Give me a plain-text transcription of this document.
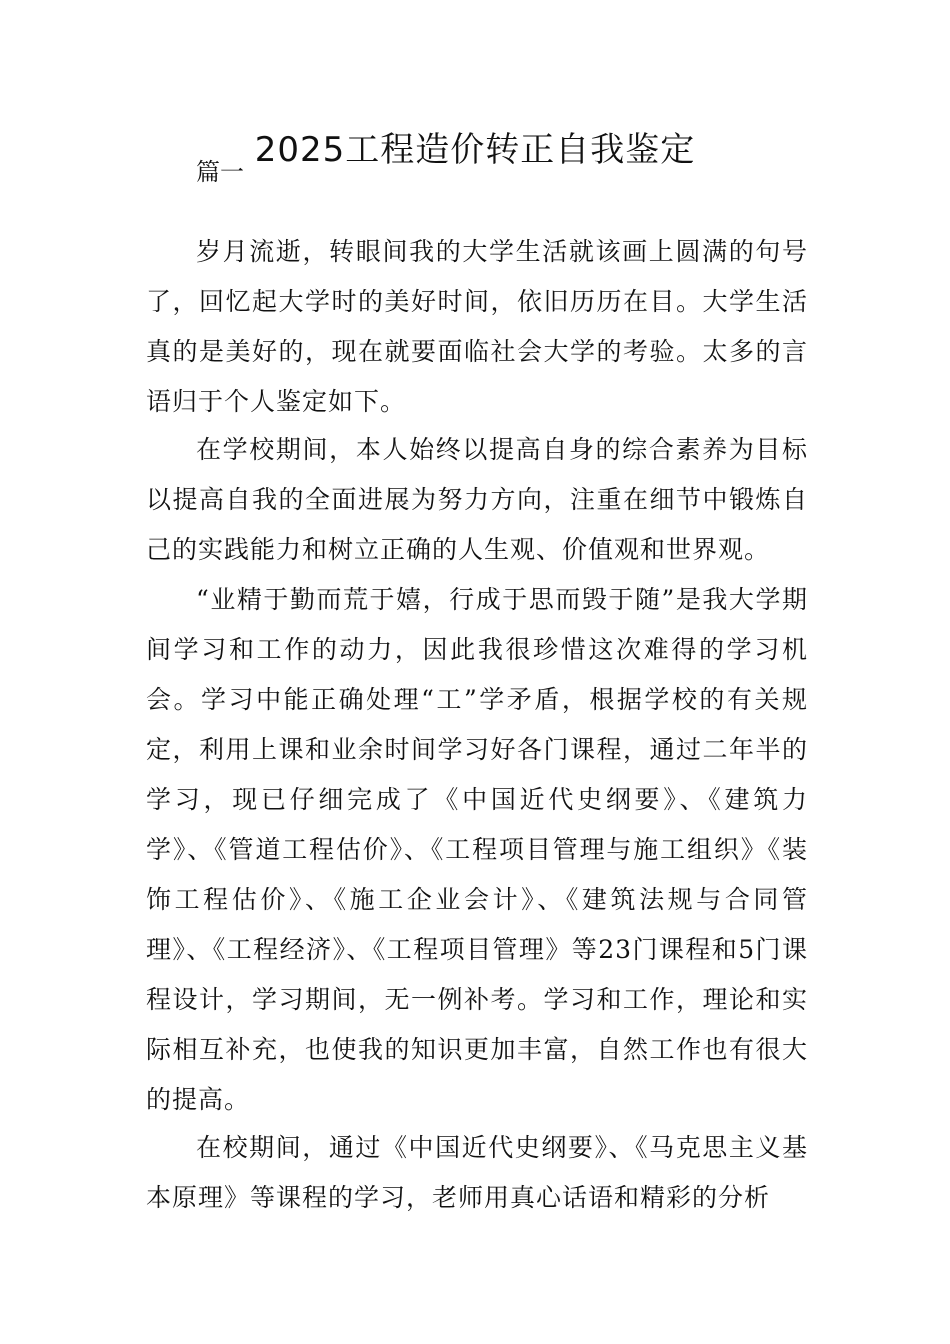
2025工程造价转正自我鉴定

篇一

岁月流逝，转眼间我的大学生活就该画上圆满的句号了，回忆起大学时的美好时间，依旧历历在目。大学生活真的是美好的，现在就要面临社会大学的考验。太多的言语归于个人鉴定如下。

在学校期间，本人始终以提高自身的综合素养为目标以提高自我的全面进展为努力方向，注重在细节中锻炼自己的实践能力和树立正确的人生观、价值观和世界观。

“业精于勤而荒于嬉，行成于思而毁于随”是我大学期间学习和工作的动力，因此我很珍惜这次难得的学习机会。学习中能正确处理“工”学矛盾，根据学校的有关规定，利用上课和业余时间学习好各门课程，通过二年半的学习，现已仔细完成了《中国近代史纲要》、《建筑力学》、《管道工程估价》、《工程项目管理与施工组织》《装饰工程估价》、《施工企业会计》、《建筑法规与合同管理》、《工程经济》、《工程项目管理》等23门课程和5门课程设计，学习期间，无一例补考。学习和工作，理论和实际相互补充，也使我的知识更加丰富，自然工作也有很大的提高。

在校期间，通过《中国近代史纲要》、《马克思主义基本原理》等课程的学习，老师用真心话语和精彩的分析
